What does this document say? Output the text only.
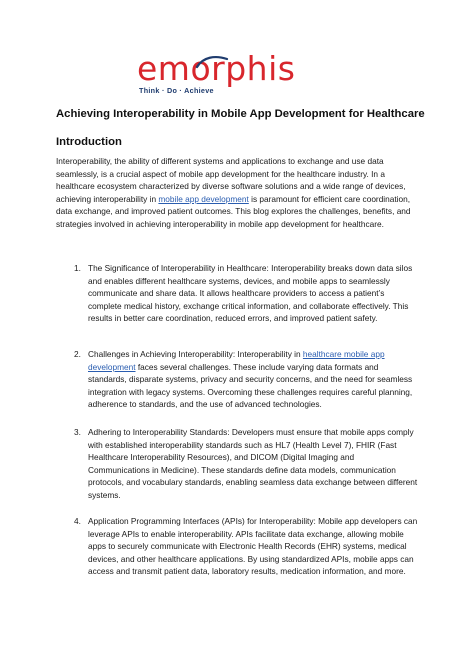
emorphis
Think · Do · Achieve
Achieving Interoperability in Mobile App Development for Healthcare
Introduction

Interoperability, the ability of different systems and applications to exchange and use data seamlessly, is a crucial aspect of mobile app development for the healthcare industry. In a healthcare ecosystem characterized by diverse software solutions and a wide range of devices, achieving interoperability in mobile app development is paramount for efficient care coordination, data exchange, and improved patient outcomes. This blog explores the challenges, benefits, and strategies involved in achieving interoperability in mobile app development for healthcare.

1. The Significance of Interoperability in Healthcare: Interoperability breaks down data silos and enables different healthcare systems, devices, and mobile apps to seamlessly communicate and share data. It allows healthcare providers to access a patient’s complete medical history, exchange critical information, and collaborate effectively. This results in better care coordination, reduced errors, and improved patient safety.

2. Challenges in Achieving Interoperability: Interoperability in healthcare mobile app development faces several challenges. These include varying data formats and standards, disparate systems, privacy and security concerns, and the need for seamless integration with legacy systems. Overcoming these challenges requires careful planning, adherence to standards, and the use of advanced technologies.

3. Adhering to Interoperability Standards: Developers must ensure that mobile apps comply with established interoperability standards such as HL7 (Health Level 7), FHIR (Fast Healthcare Interoperability Resources), and DICOM (Digital Imaging and Communications in Medicine). These standards define data models, communication protocols, and vocabulary standards, enabling seamless data exchange between different systems.

4. Application Programming Interfaces (APIs) for Interoperability: Mobile app developers can leverage APIs to enable interoperability. APIs facilitate data exchange, allowing mobile apps to securely communicate with Electronic Health Records (EHR) systems, medical devices, and other healthcare applications. By using standardized APIs, mobile apps can access and transmit patient data, laboratory results, medication information, and more.
